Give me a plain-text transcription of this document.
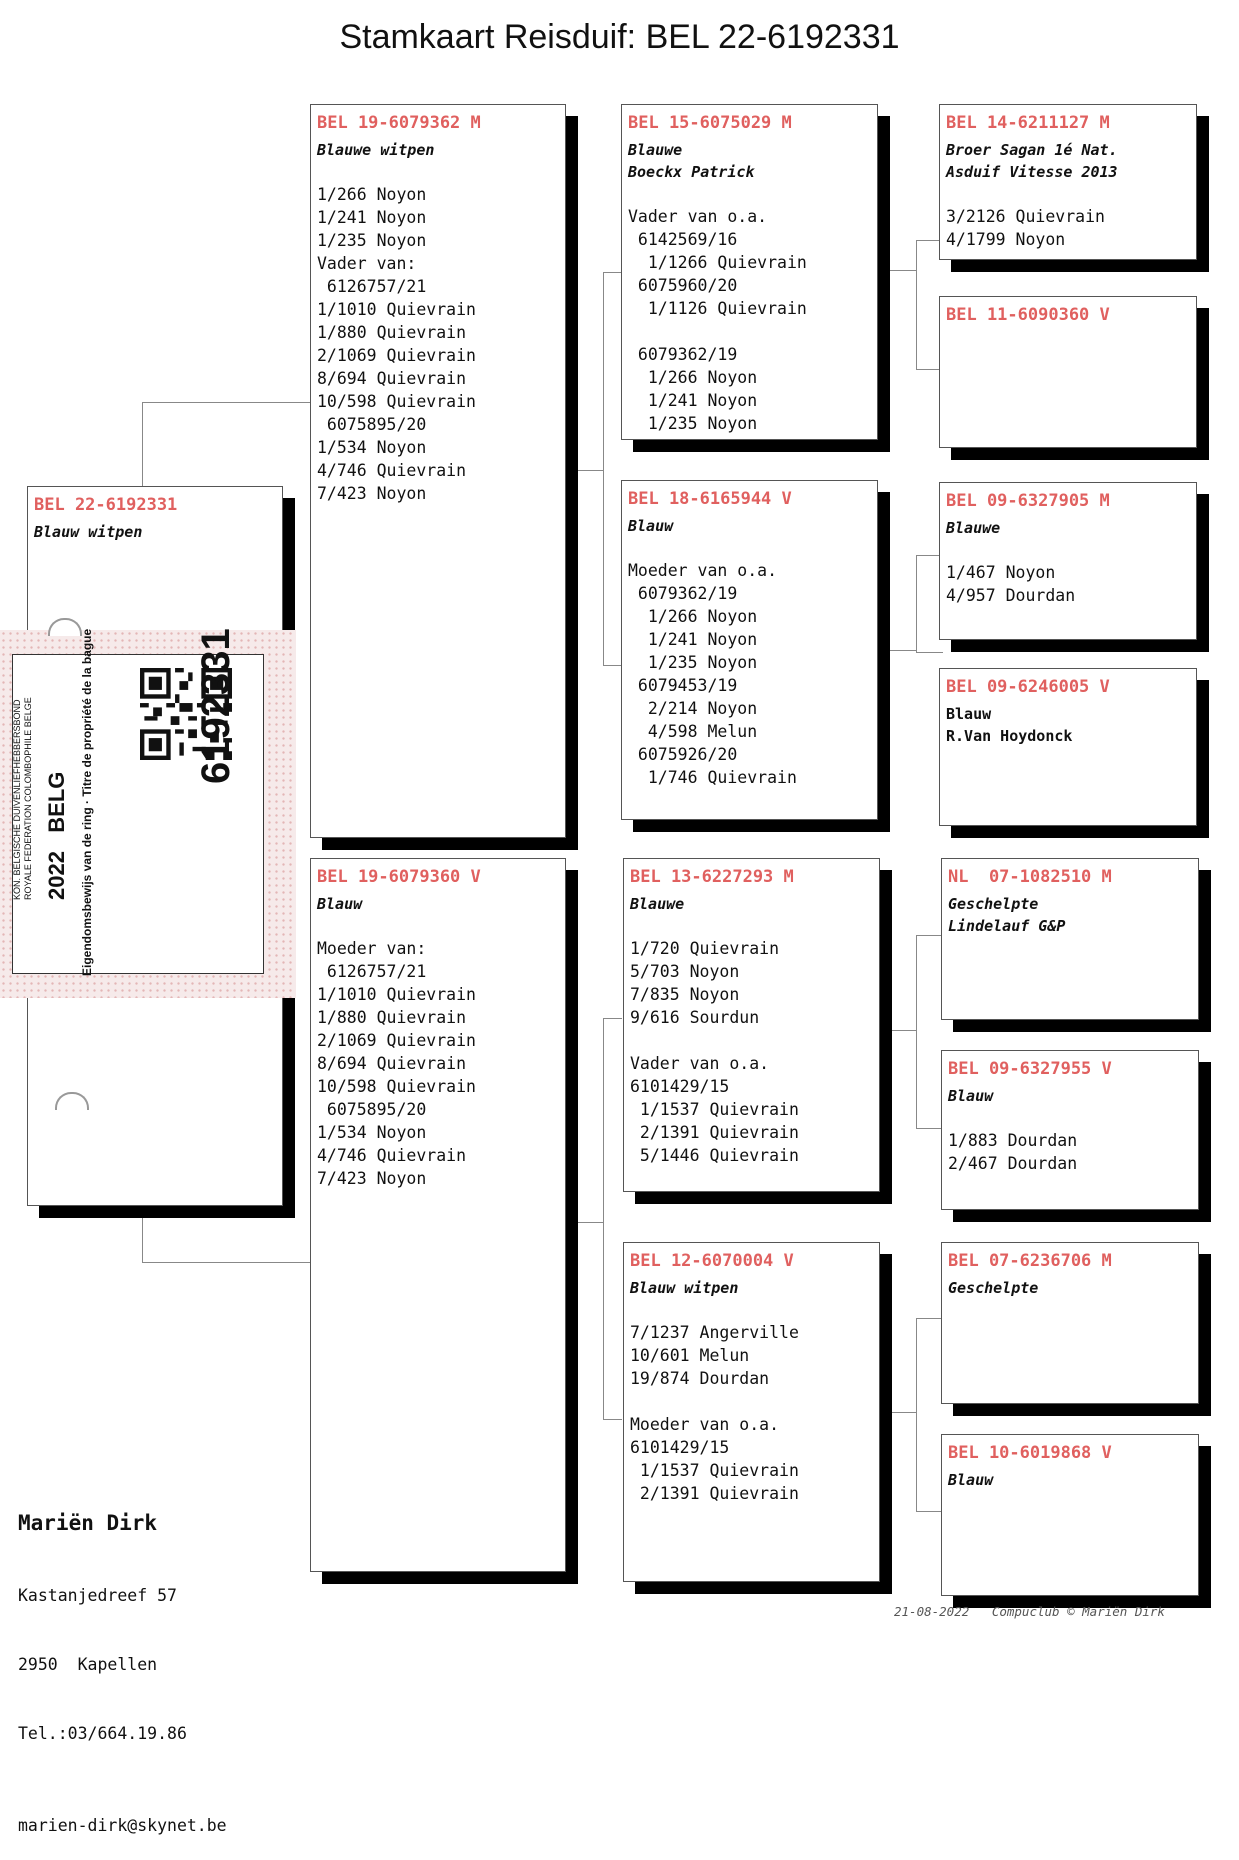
Stamkaart Reisduif: BEL 22-6192331
BEL 22-6192331
Blauw witpen
6192331
2022   BELG
KON. BELGISCHE DUIVENLIEFHEBBERSBOND
ROYALE FEDERATION COLOMBOPHILE BELGE	Eigendomsbewijs van de ring · Titre de propriété de la bague
BEL 19-6079362 M
Blauwe witpen
1/266 Noyon
1/241 Noyon
1/235 Noyon
Vader van:
6126757/21
1/1010 Quievrain
1/880 Quievrain
2/1069 Quievrain
8/694 Quievrain
10/598 Quievrain
6075895/20
1/534 Noyon
4/746 Quievrain
7/423 Noyon
BEL 19-6079360 V
Blauw
Moeder van:
6126757/21
1/1010 Quievrain
1/880 Quievrain
2/1069 Quievrain
8/694 Quievrain
10/598 Quievrain
6075895/20
1/534 Noyon
4/746 Quievrain
7/423 Noyon
BEL 15-6075029 M
Blauwe
Boeckx Patrick
Vader van o.a.
6142569/16
1/1266 Quievrain
6075960/20
1/1126 Quievrain

6079362/19
1/266 Noyon
1/241 Noyon
1/235 Noyon
BEL 18-6165944 V
Blauw
Moeder van o.a.
6079362/19
1/266 Noyon
1/241 Noyon
1/235 Noyon
6079453/19
2/214 Noyon
4/598 Melun
6075926/20
1/746 Quievrain
BEL 13-6227293 M
Blauwe
1/720 Quievrain
5/703 Noyon
7/835 Noyon
9/616 Sourdun

Vader van o.a.
6101429/15
1/1537 Quievrain
2/1391 Quievrain
5/1446 Quievrain
BEL 12-6070004 V
Blauw witpen
7/1237 Angerville
10/601 Melun
19/874 Dourdan

Moeder van o.a.
6101429/15
1/1537 Quievrain
2/1391 Quievrain
BEL 14-6211127 M
Broer Sagan 1é Nat.
Asduif Vitesse 2013
3/2126 Quievrain
4/1799 Noyon
BEL 11-6090360 V
BEL 09-6327905 M
Blauwe
1/467 Noyon
4/957 Dourdan
BEL 09-6246005 V
Blauw
R.Van Hoydonck
NL  07-1082510 M
Geschelpte
Lindelauf G&P
BEL 09-6327955 V
Blauw
1/883 Dourdan
2/467 Dourdan
BEL 07-6236706 M
Geschelpte
BEL 10-6019868 V
Blauw

Mariën Dirk

Kastanjedreef 57

2950  Kapellen

Tel.:03/664.19.86

marien-dirk@skynet.be

21-08-2022   Compuclub © Mariën Dirk
